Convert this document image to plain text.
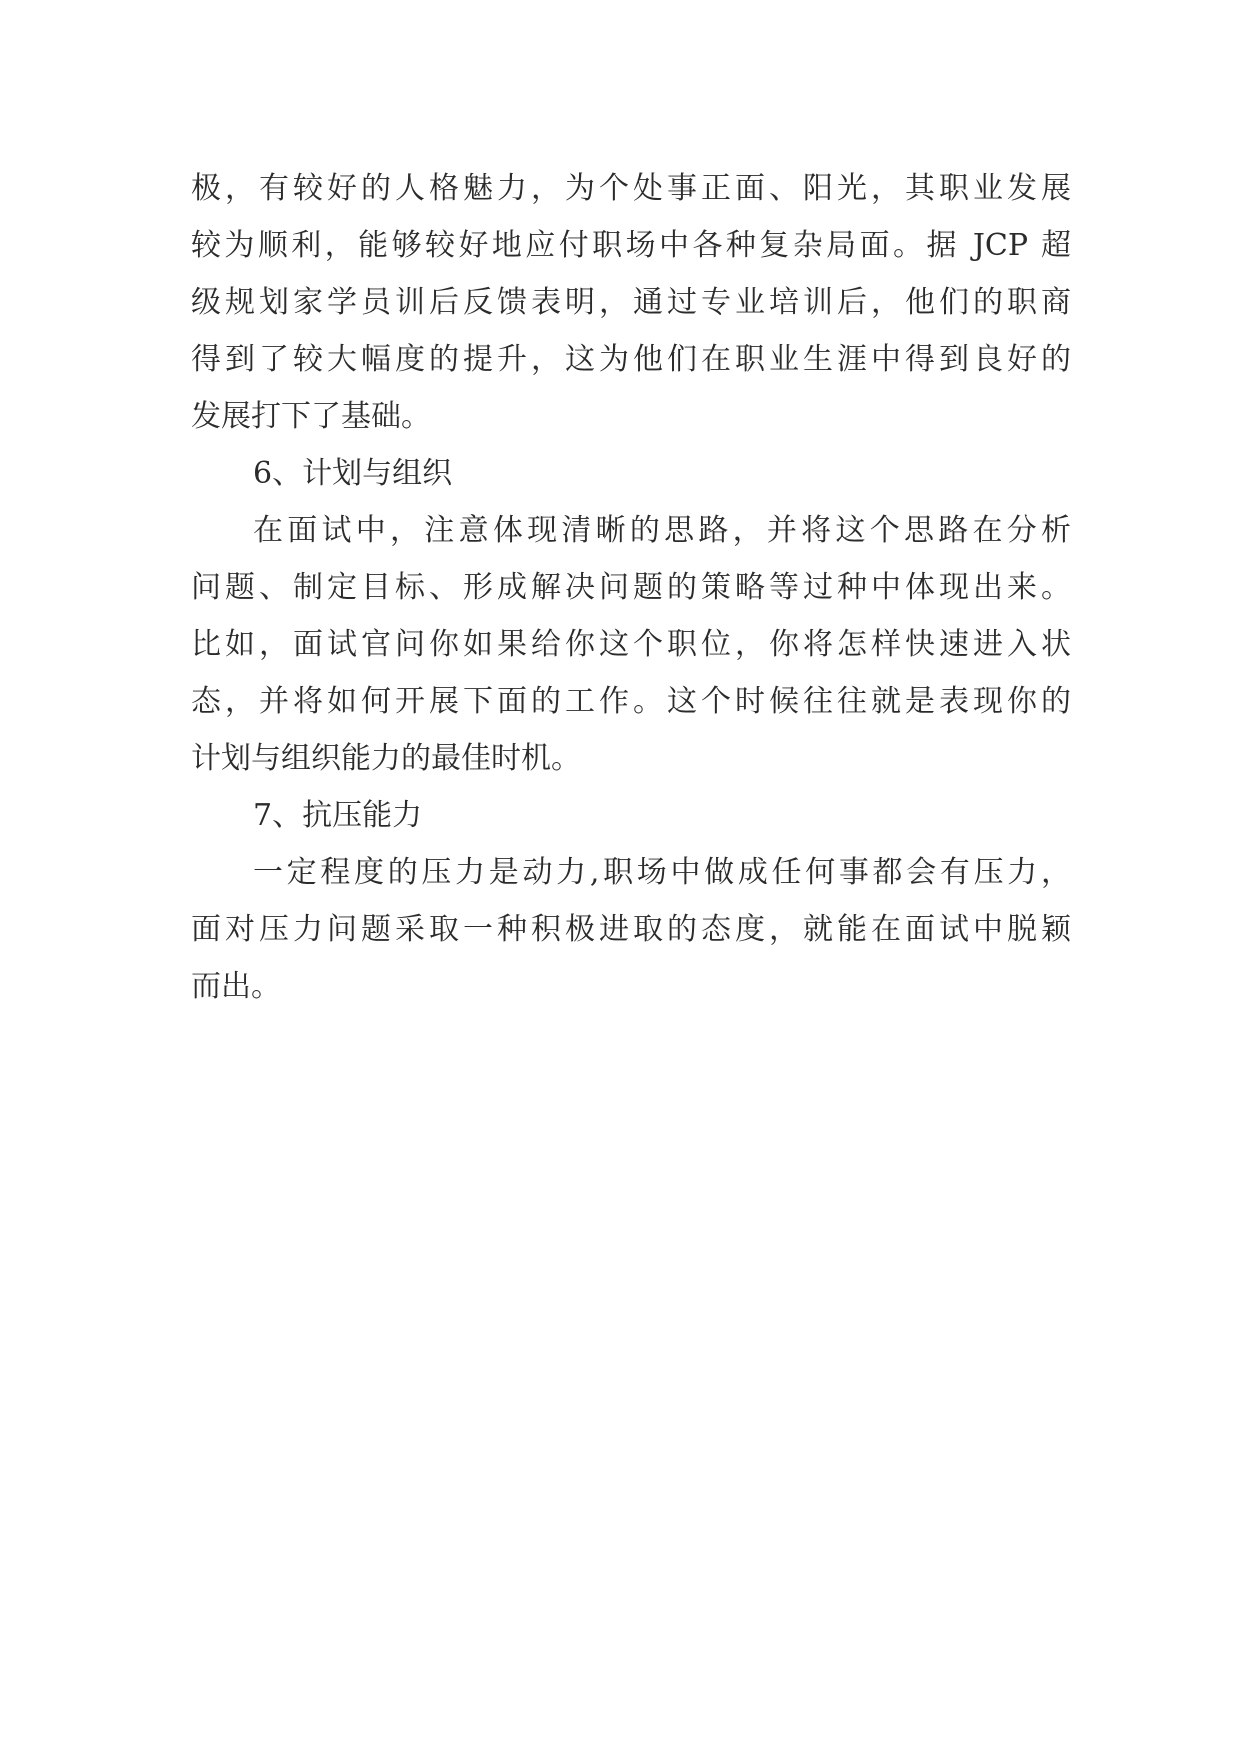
极，有较好的人格魅力，为个处事正面、阳光，其职业发展
较为顺利，能够较好地应付职场中各种复杂局面。据 JCP 超
级规划家学员训后反馈表明，通过专业培训后，他们的职商
得到了较大幅度的提升，这为他们在职业生涯中得到良好的
发展打下了基础。
6、计划与组织
在面试中，注意体现清晰的思路，并将这个思路在分析
问题、制定目标、形成解决问题的策略等过种中体现出来。
比如，面试官问你如果给你这个职位，你将怎样快速进入状
态，并将如何开展下面的工作。这个时候往往就是表现你的
计划与组织能力的最佳时机。
7、抗压能力
一定程度的压力是动力,职场中做成任何事都会有压力，
面对压力问题采取一种积极进取的态度，就能在面试中脱颖
而出。
